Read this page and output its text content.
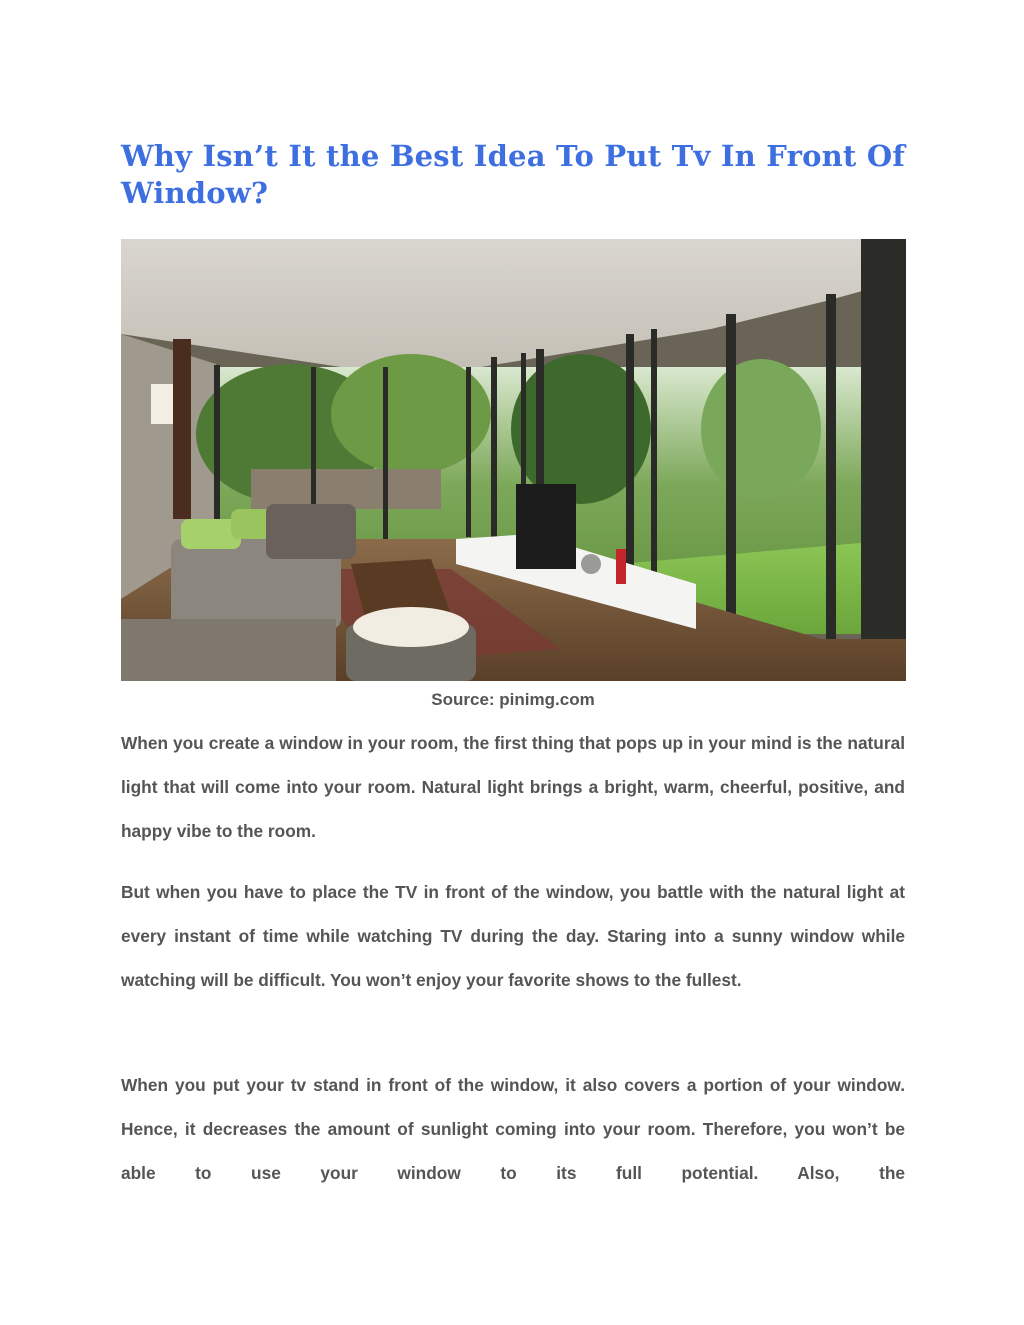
Why Isn’t It the Best Idea To Put Tv In Front Of Window?
Source: pinimg.com

When you create a window in your room, the first thing that pops up in your mind is the natural light that will come into your room. Natural light brings a bright, warm, cheerful, positive, and happy vibe to the room.

But when you have to place the TV in front of the window, you battle with the natural light at every instant of time while watching TV during the day. Staring into a sunny window while watching will be difficult. You won’t enjoy your favorite shows to the fullest.

When you put your tv stand in front of the window, it also covers a portion of your window. Hence, it decreases the amount of sunlight coming into your room. Therefore, you won’t be able to use your window to its full potential. Also, the
